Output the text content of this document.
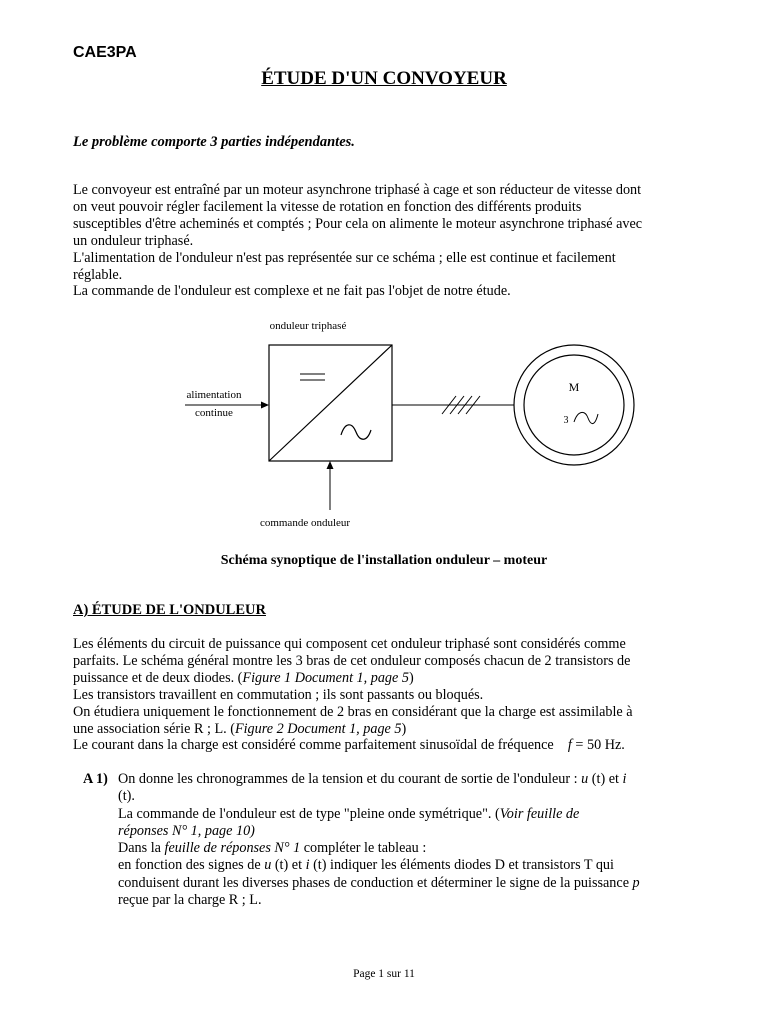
CAE3PA
ÉTUDE D'UN CONVOYEUR
Le problème comporte 3 parties indépendantes.

Le convoyeur est entraîné par un moteur asynchrone triphasé à cage et son réducteur de vitesse dont

on veut pouvoir régler facilement la vitesse de rotation en fonction des différents produits

susceptibles d'être acheminés et comptés ; Pour cela on alimente le moteur asynchrone triphasé avec

un onduleur triphasé.

L'alimentation de l'onduleur n'est pas représentée sur ce schéma ; elle est continue et facilement

réglable.

La commande de l'onduleur est complexe et ne fait pas l'objet de notre étude.

onduleur triphasé
alimentation
continue
commande onduleur
M
3
Schéma synoptique de l'installation onduleur – moteur
A) ÉTUDE DE L'ONDULEUR

Les éléments du circuit de puissance qui composent cet onduleur triphasé sont considérés comme

parfaits. Le schéma général montre les 3 bras de cet onduleur composés chacun de 2 transistors de

puissance et de deux diodes. (Figure 1 Document 1, page 5)

Les transistors travaillent en commutation ; ils sont passants ou bloqués.

On étudiera uniquement le fonctionnement de 2 bras en considérant que la charge est assimilable à

une association série R ; L. (Figure 2 Document 1, page 5)

Le courant dans la charge est considéré comme parfaitement sinusoïdal de fréquence f = 50 Hz.

A 1) On donne les chronogrammes de la tension et du courant de sortie de l'onduleur : u (t) et i

(t).

La commande de l'onduleur est de type "pleine onde symétrique". (Voir feuille de

réponses N° 1, page 10)

Dans la feuille de réponses N° 1 compléter le tableau :

en fonction des signes de u (t) et i (t) indiquer les éléments diodes D et transistors T qui

conduisent durant les diverses phases de conduction et déterminer le signe de la puissance p

reçue par la charge R ; L.

Page 1 sur 11
